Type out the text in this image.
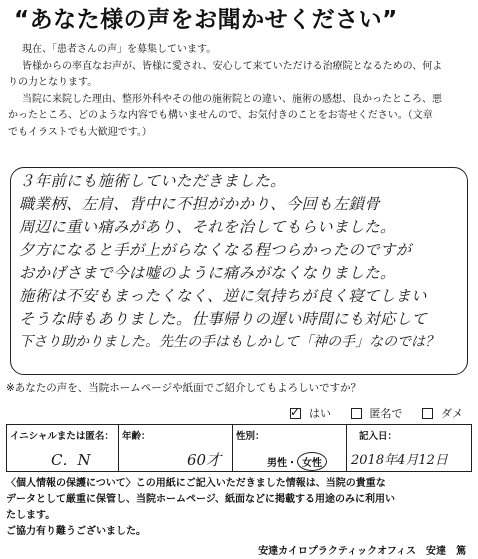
“あなた様の声をお聞かせください”

現在、「患者さんの声」を募集しています。

皆様からの率直なお声が、皆様に愛され、安心して来ていただける治療院となるための、何よ

りの力となります。

当院に来院した理由、整形外科やその他の施術院との違い、施術の感想、良かったところ、悪

かったところ、どのような内容でも構いませんので、お気付きのことをお寄せください。（文章

でもイラストでも大歓迎です。）

３年前にも施術していただきました。
職業柄、左肩、背中に不担がかかり、今回も左鎖骨
周辺に重い痛みがあり、それを治してもらいました。
夕方になると手が上がらなくなる程つらかったのですが
おかげさまで今は嘘のように痛みがなくなりました。
施術は不安もまったくなく、逆に気持ちが良く寝てしまい
そうな時もありました。仕事帰りの遅い時間にも対応して
下さり助かりました。先生の手はもしかして「神の手」なのでは？
※あなたの声を、当院ホームページや紙面でご紹介してもよろしいですか？
✓はい	匿名で	ダメ
イニシャルまたは匿名：
C．N
年齢：
60才
性別：
男性・ 女性
記入日：
2018年4月12日

〈個人情報の保護について〉この用紙にご記入いただきました情報は、当院の貴重な

データとして厳重に保管し、当院ホームページ、紙面などに掲載する用途のみに利用い

たします。

ご協力有り難うございました。

安達カイロプラクティックオフィス　安達　篤
